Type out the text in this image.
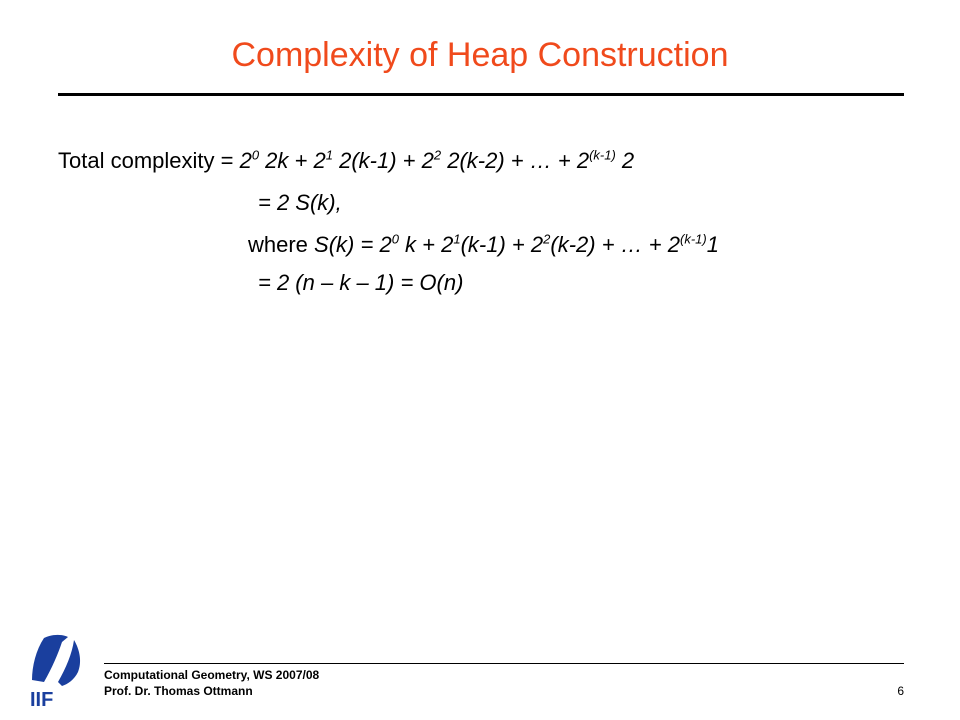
Complexity of Heap Construction
Total complexity = $2^0$ $2k + 2^1$ $2(k-1) + 2^2$ 2(k-2) + … + $2^{(k-1)}$ 2
= 2 S(k),
where $S(k) = 2^0$ $k + 2^1(k-1) + 2^2(k-2)$ + … + $2^{(k-1)}1$
= 2 (n – k – 1) = O(n)
IIF
Computational Geometry, WS 2007/08
Prof. Dr. Thomas Ottmann	6
